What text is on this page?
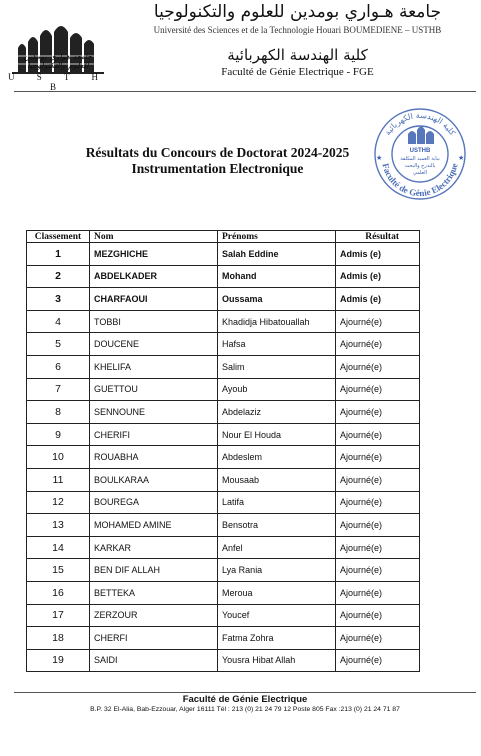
جامعة هواري بومدين
للعلوم والتكنولوجيا
U S T H B
جامعة هـواري بومدين للعلوم والتكنولوجيا
Université des Sciences et de la Technologie Houari BOUMEDIENE – USTHB
كلية الهندسة الكهربائية
Faculté de Génie Electrique - FGE
كلية الهندسة الكهربائية
Faculté de Génie Electrique
USTHB
نيابة العميد المكلفة
بالتدرج والبحث
العلمي
★	★
Résultats du Concours de Doctorat 2024-2025
Instrumentation Electronique
Classement	Nom	Prénoms	Résultat
1	MEZGHICHE	Salah Eddine	Admis (e)
2	ABDELKADER	Mohand	Admis (e)
3	CHARFAOUI	Oussama	Admis (e)
4	TOBBI	Khadidja Hibatouallah	Ajourné(e)
5	DOUCENE	Hafsa	Ajourné(e)
6	KHELIFA	Salim	Ajourné(e)
7	GUETTOU	Ayoub	Ajourné(e)
8	SENNOUNE	Abdelaziz	Ajourné(e)
9	CHERIFI	Nour El Houda	Ajourné(e)
10	ROUABHA	Abdeslem	Ajourné(e)
11	BOULKARAA	Mousaab	Ajourné(e)
12	BOUREGA	Latifa	Ajourné(e)
13	MOHAMED AMINE	Bensotra	Ajourné(e)
14	KARKAR	Anfel	Ajourné(e)
15	BEN DIF ALLAH	Lya Rania	Ajourné(e)
16	BETTEKA	Meroua	Ajourné(e)
17	ZERZOUR	Youcef	Ajourné(e)
18	CHERFI	Fatma Zohra	Ajourné(e)
19	SAIDI	Yousra Hibat Allah	Ajourné(e)
Faculté de Génie Electrique
B.P. 32 El-Alia, Bab-Ezzouar, Alger 16111 Tél : 213 (0) 21 24 79 12 Poste 805 Fax :213 (0) 21 24 71 87
